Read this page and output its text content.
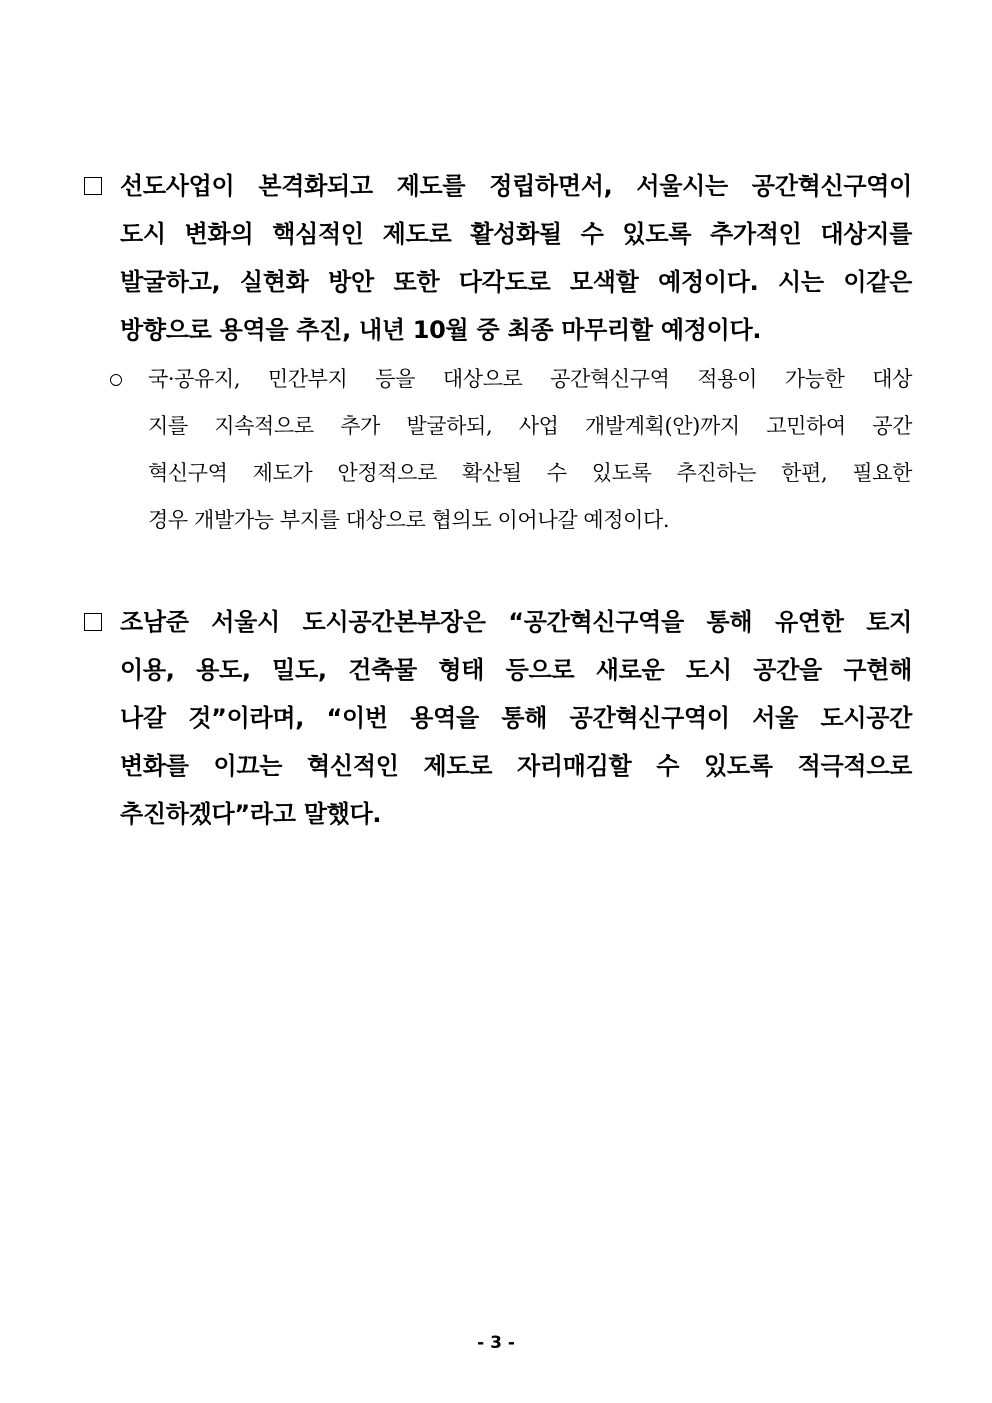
선도사업이 본격화되고 제도를 정립하면서, 서울시는 공간혁신구역이
도시 변화의 핵심적인 제도로 활성화될 수 있도록 추가적인 대상지를
발굴하고, 실현화 방안 또한 다각도로 모색할 예정이다. 시는 이같은
방향으로 용역을 추진, 내년 10월 중 최종 마무리할 예정이다.
국·공유지, 민간부지 등을 대상으로 공간혁신구역 적용이 가능한 대상
지를 지속적으로 추가 발굴하되, 사업 개발계획(안)까지 고민하여 공간
혁신구역 제도가 안정적으로 확산될 수 있도록 추진하는 한편, 필요한
경우 개발가능 부지를 대상으로 협의도 이어나갈 예정이다.
조남준 서울시 도시공간본부장은 “공간혁신구역을 통해 유연한 토지
이용, 용도, 밀도, 건축물 형태 등으로 새로운 도시 공간을 구현해
나갈 것”이라며, “이번 용역을 통해 공간혁신구역이 서울 도시공간
변화를 이끄는 혁신적인 제도로 자리매김할 수 있도록 적극적으로
추진하겠다”라고 말했다.
- 3 -
